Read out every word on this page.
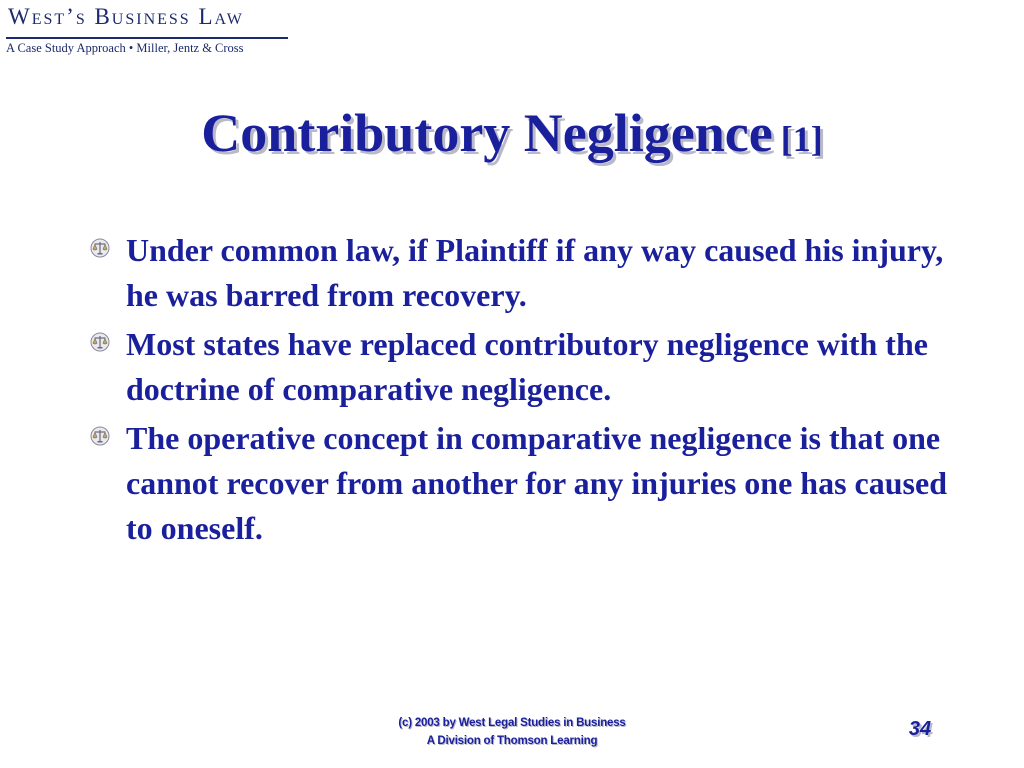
West’s Business Law
A Case Study Approach • Miller, Jentz & Cross
Contributory Negligence [1]
Under common law, if Plaintiff if any way caused his injury, he was barred from recovery.
Most states have replaced contributory negligence with the doctrine of comparative negligence.
The operative concept in comparative negligence is that one cannot recover from another for any injuries one has caused to oneself.
(c) 2003 by West Legal Studies in Business
A Division of Thomson Learning
34
